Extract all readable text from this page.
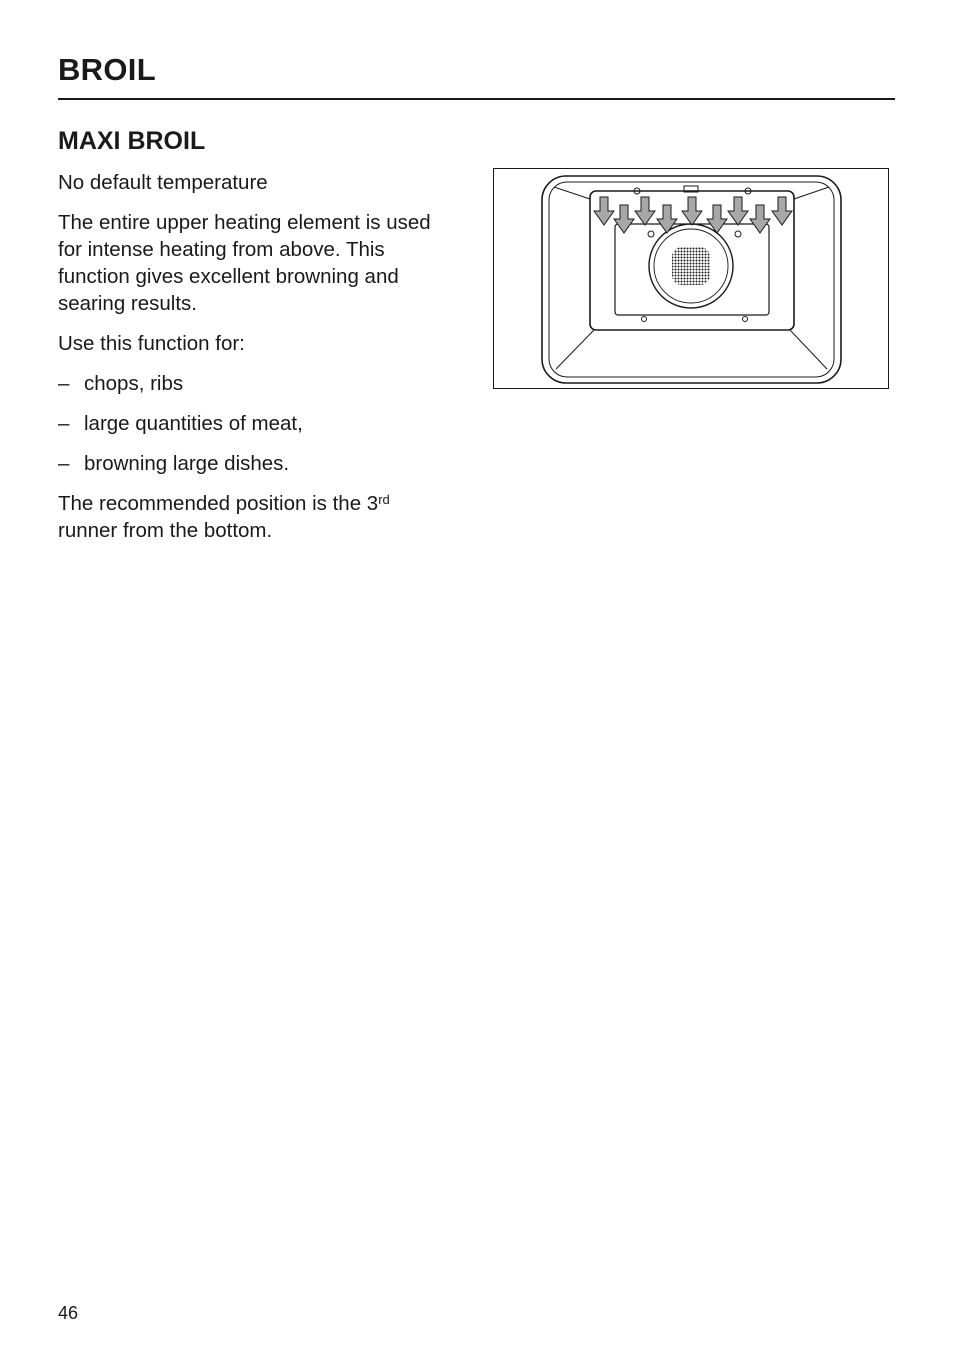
BROIL
MAXI BROIL

No default temperature

The entire upper heating element is used for intense heating from above. This function gives excellent browning and searing results.

Use this function for:

– chops, ribs
– large quantities of meat,
– browning large dishes.

The recommended position is the 3rd
runner from the bottom.

46
